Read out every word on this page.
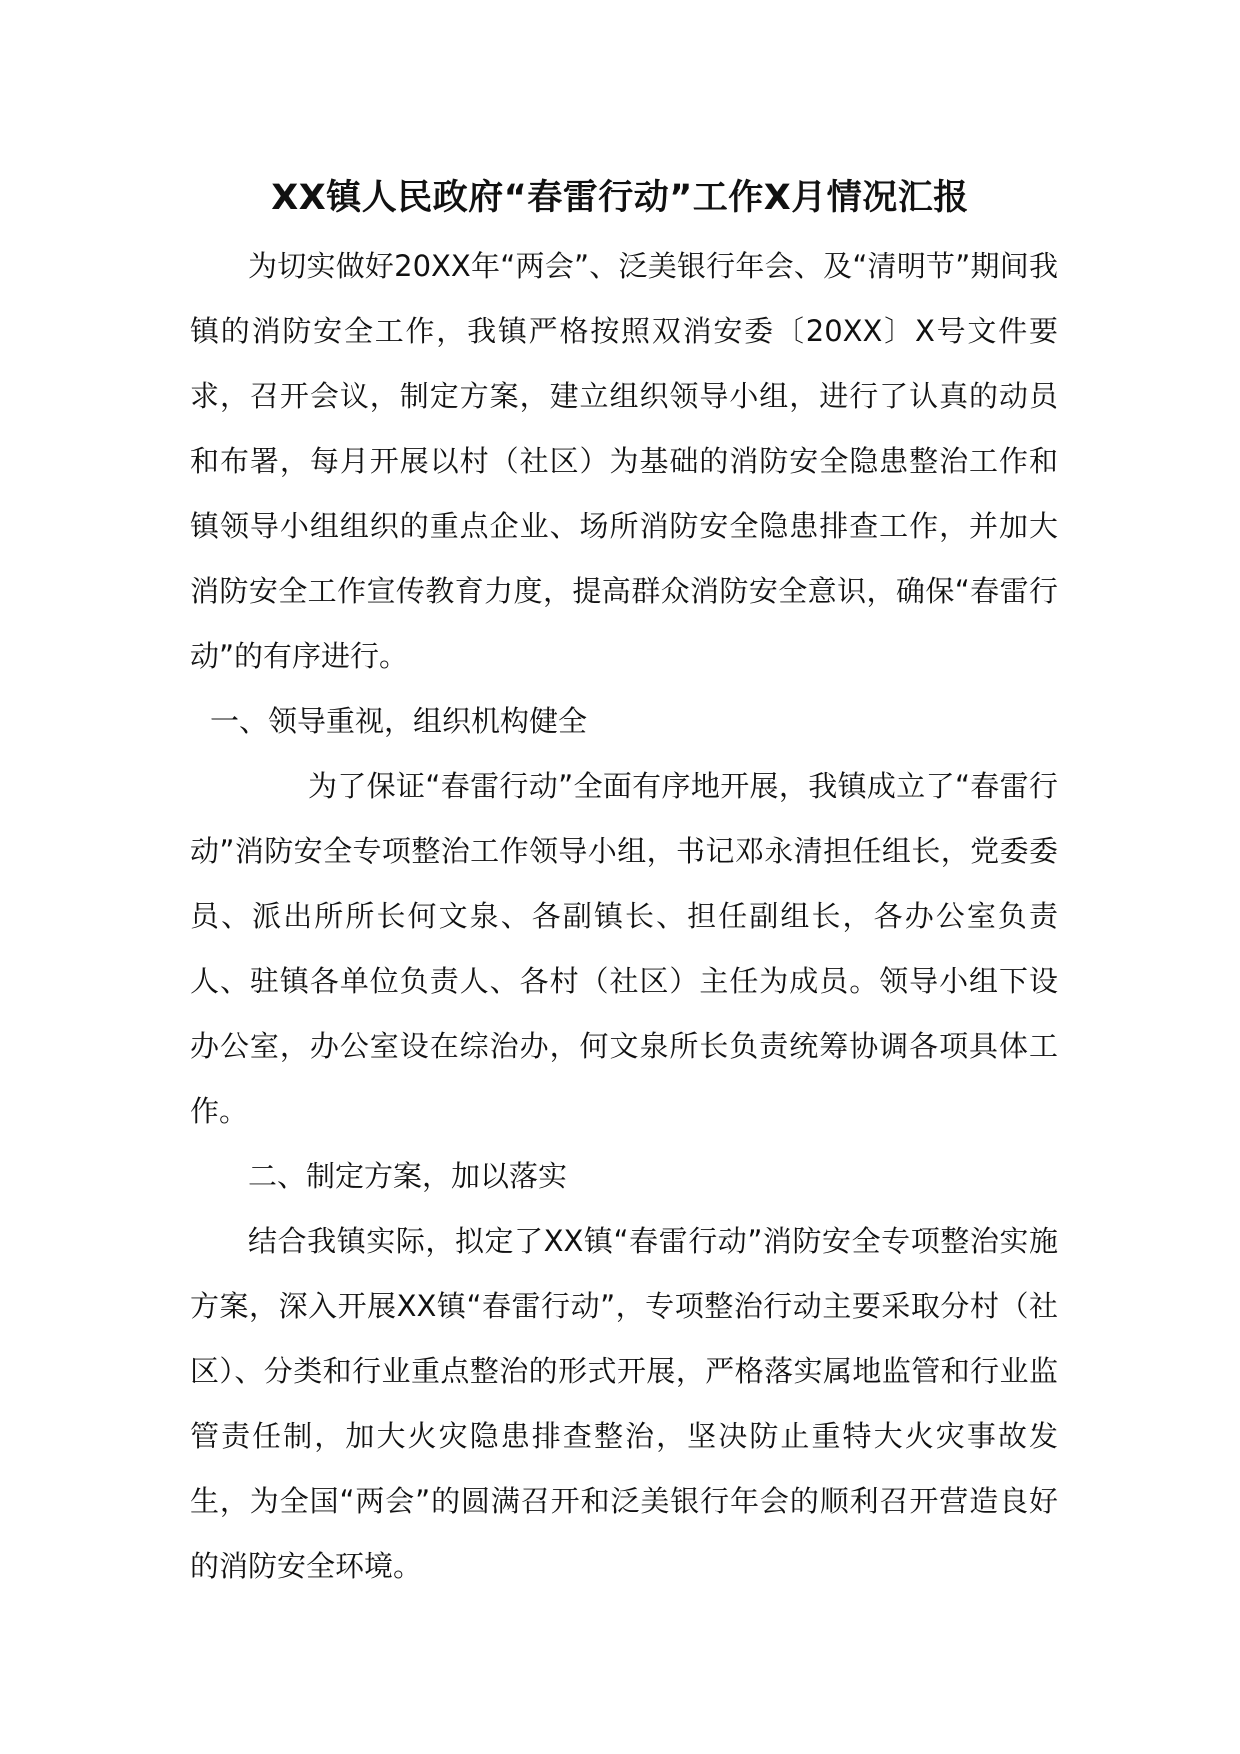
XX镇人民政府“春雷行动”工作X月情况汇报

为切实做好20XX年“两会”、泛美银行年会、及“清明节”期间我镇的消防安全工作，我镇严格按照双消安委〔20XX〕X号文件要求，召开会议，制定方案，建立组织领导小组，进行了认真的动员和布署，每月开展以村（社区）为基础的消防安全隐患整治工作和镇领导小组组织的重点企业、场所消防安全隐患排查工作，并加大消防安全工作宣传教育力度，提高群众消防安全意识，确保“春雷行动”的有序进行。

一、领导重视，组织机构健全

为了保证“春雷行动”全面有序地开展，我镇成立了“春雷行动”消防安全专项整治工作领导小组，书记邓永清担任组长，党委委员、派出所所长何文泉、各副镇长、担任副组长，各办公室负责人、驻镇各单位负责人、各村（社区）主任为成员。领导小组下设办公室，办公室设在综治办，何文泉所长负责统筹协调各项具体工作。

二、制定方案，加以落实

结合我镇实际，拟定了XX镇“春雷行动”消防安全专项整治实施方案，深入开展XX镇“春雷行动”，专项整治行动主要采取分村（社区）、分类和行业重点整治的形式开展，严格落实属地监管和行业监管责任制，加大火灾隐患排查整治，坚决防止重特大火灾事故发生，为全国“两会”的圆满召开和泛美银行年会的顺利召开营造良好的消防安全环境。
